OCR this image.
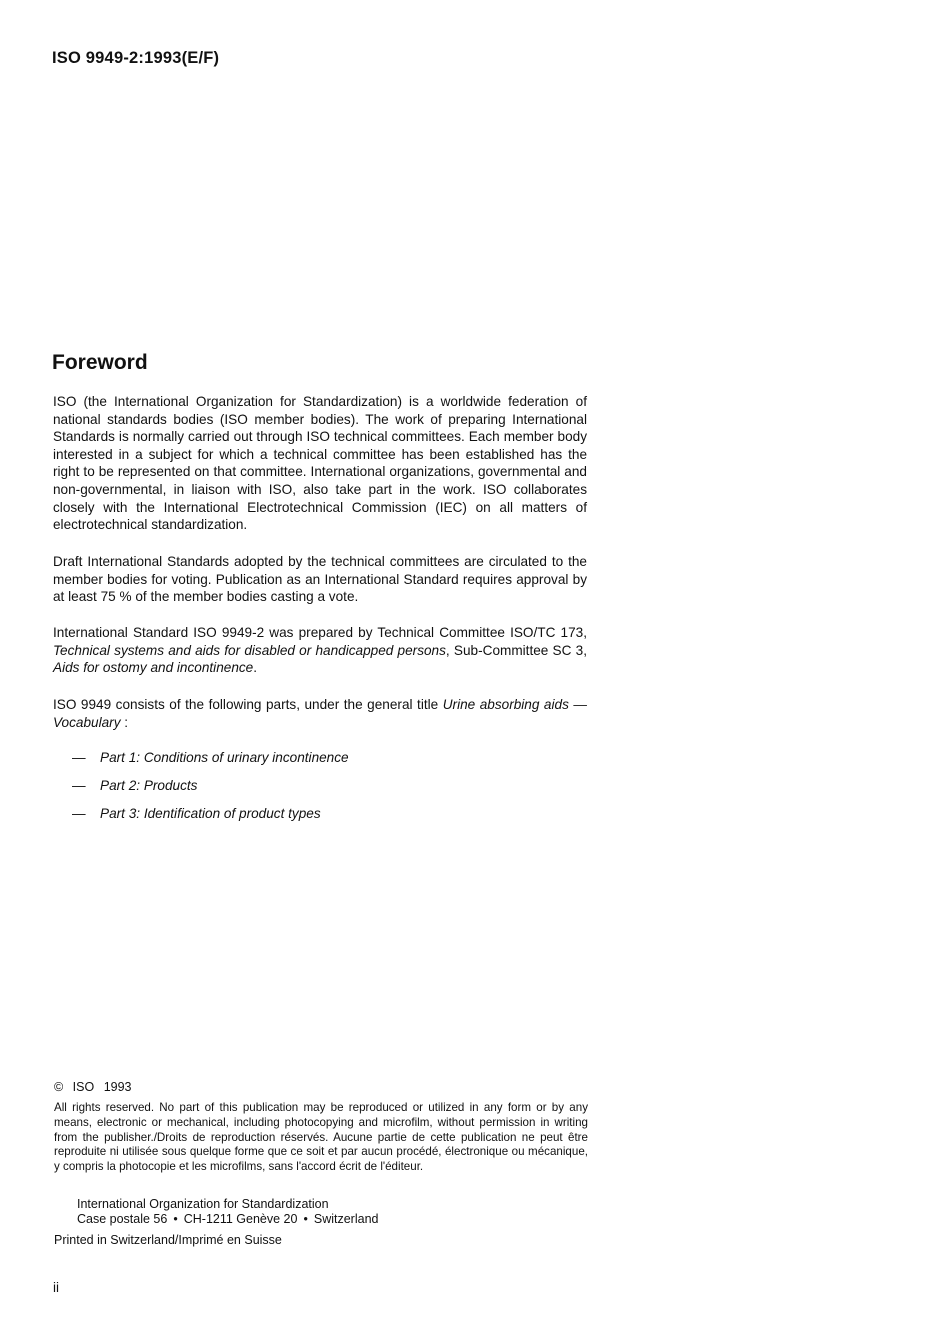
ISO 9949-2:1993(E/F)
Foreword
ISO (the International Organization for Standardization) is a worldwide federation of national standards bodies (ISO member bodies). The work of preparing International Standards is normally carried out through ISO technical committees. Each member body interested in a subject for which a technical committee has been established has the right to be represented on that committee. International organizations, governmental and non-governmental, in liaison with ISO, also take part in the work. ISO collaborates closely with the International Electrotechnical Commission (IEC) on all matters of electrotechnical standardization.
Draft International Standards adopted by the technical committees are circulated to the member bodies for voting. Publication as an International Standard requires approval by at least 75 % of the member bodies casting a vote.
International Standard ISO 9949-2 was prepared by Technical Committee ISO/TC 173, Technical systems and aids for disabled or handicapped persons, Sub-Committee SC 3, Aids for ostomy and incontinence.
ISO 9949 consists of the following parts, under the general title Urine absorbing aids — Vocabulary :
—	Part 1: Conditions of urinary incontinence
—	Part 2: Products
—	Part 3: Identification of product types
© ISO 1993
All rights reserved. No part of this publication may be reproduced or utilized in any form or by any means, electronic or mechanical, including photocopying and microfilm, without permission in writing from the publisher./Droits de reproduction réservés. Aucune partie de cette publication ne peut être reproduite ni utilisée sous quelque forme que ce soit et par aucun procédé, électronique ou mécanique, y compris la photocopie et les microfilms, sans l'accord écrit de l'éditeur.
International Organization for Standardization
Case postale 56 • CH-1211 Genève 20 • Switzerland
Printed in Switzerland/Imprimé en Suisse
ii
